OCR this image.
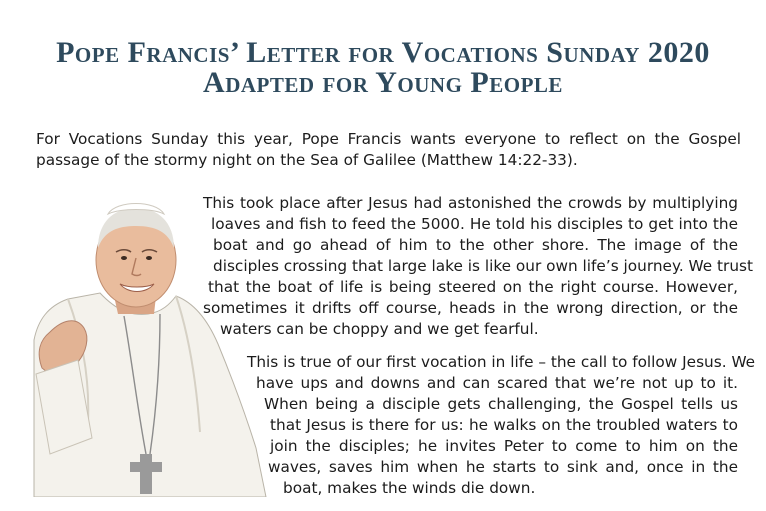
Pope Francis’ Letter for Vocations Sunday 2020
Adapted for Young People

For Vocations Sunday this year, Pope Francis wants everyone to reflect on the Gospel passage of the stormy night on the Sea of Galilee (Matthew 14:22-33).

This took place after Jesus had astonished the crowds by multiplying
loaves and fish to feed the 5000. He told his disciples to get into the
boat and go ahead of him to the other shore. The image of the
disciples crossing that large lake is like our own life’s journey. We trust
that the boat of life is being steered on the right course. However,
sometimes it drifts off course, heads in the wrong direction, or the
waters can be choppy and we get fearful.
This is true of our first vocation in life – the call to follow Jesus. We
have ups and downs and can scared that we’re not up to it.
When being a disciple gets challenging, the Gospel tells us
that Jesus is there for us: he walks on the troubled waters to
join the disciples; he invites Peter to come to him on the
waves, saves him when he starts to sink and, once in the
boat, makes the winds die down.
